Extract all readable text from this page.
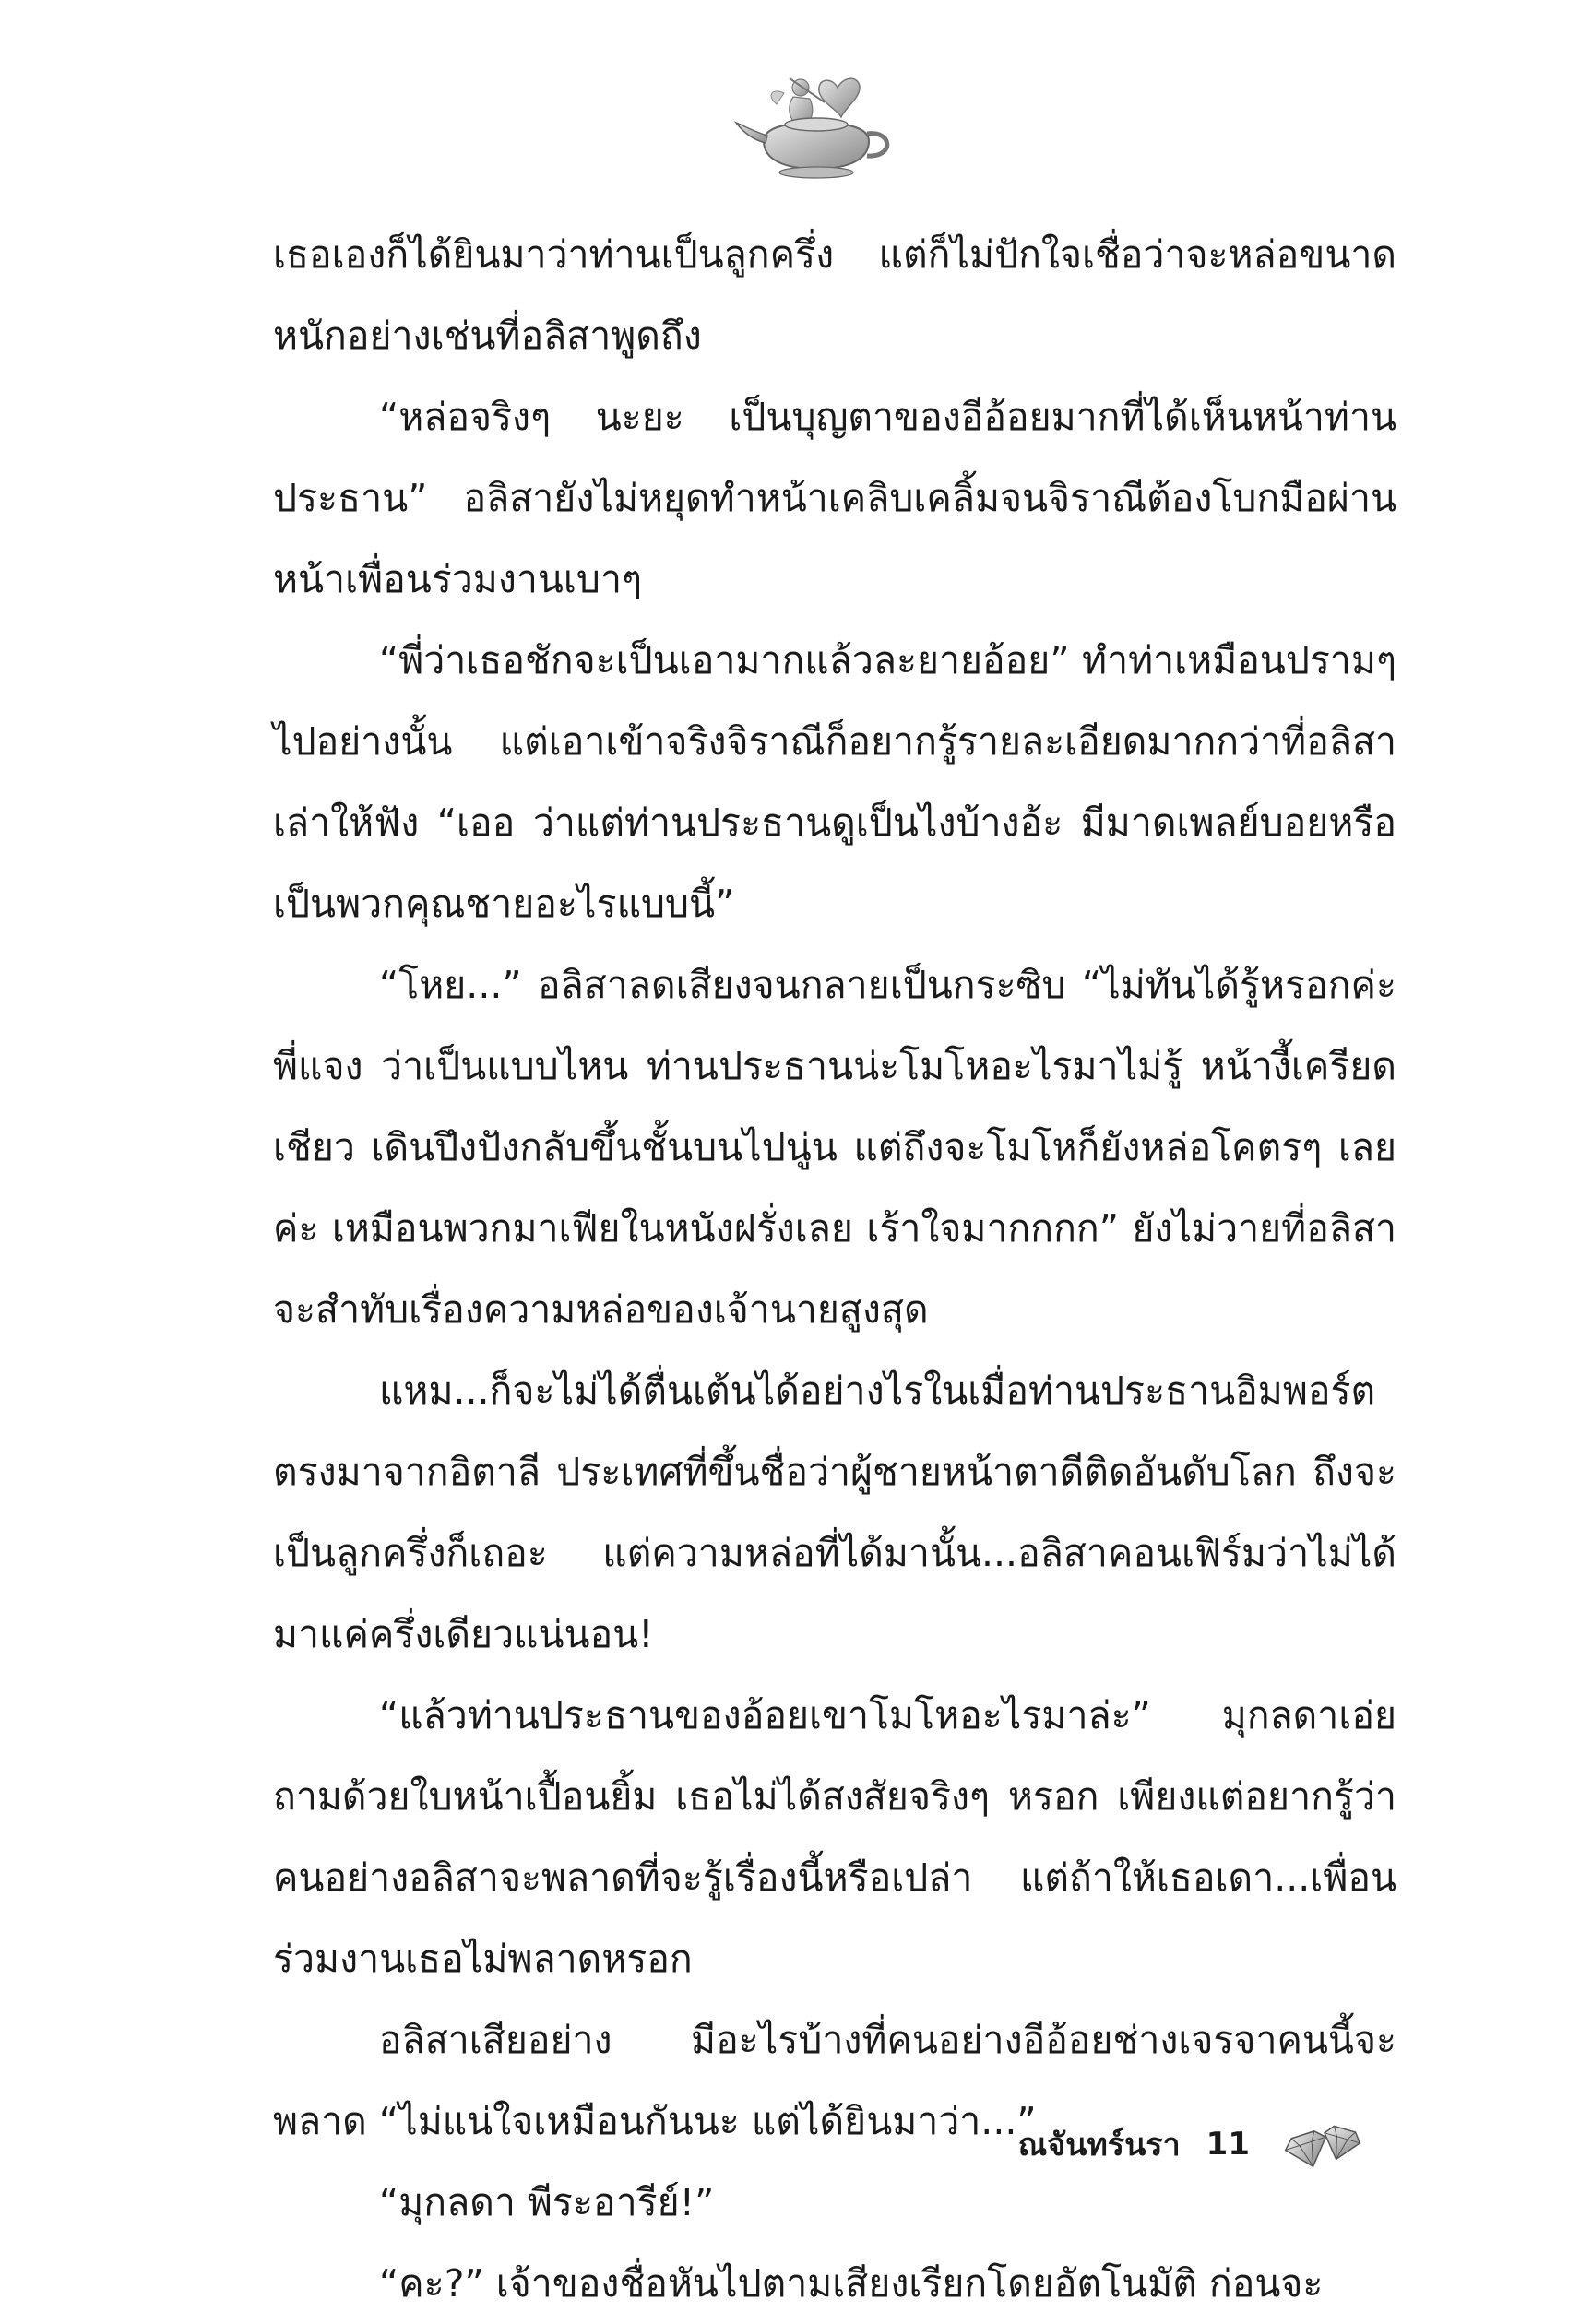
เธอเองก็ได้ยินมาว่าท่านเป็นลูกครึ่ง แต่ก็ไม่ปักใจเชื่อว่าจะหล่อขนาดหนักอย่างเช่นที่อลิสาพูดถึง

“หล่อจริงๆ นะยะ เป็นบุญตาของอีอ้อยมากที่ได้เห็นหน้าท่านประธาน” อลิสายังไม่หยุดทำหน้าเคลิบเคลิ้มจนจิราณีต้องโบกมือผ่านหน้าเพื่อนร่วมงานเบาๆ

“พี่ว่าเธอชักจะเป็นเอามากแล้วละยายอ้อย” ทำท่าเหมือนปรามๆ ไปอย่างนั้น แต่เอาเข้าจริงจิราณีก็อยากรู้รายละเอียดมากกว่าที่อลิสาเล่าให้ฟัง “เออ ว่าแต่ท่านประธานดูเป็นไงบ้างอ้ะ มีมาดเพลย์บอยหรือเป็นพวกคุณชายอะไรแบบนี้”

“โหย...” อลิสาลดเสียงจนกลายเป็นกระซิบ “ไม่ทันได้รู้หรอกค่ะพี่แจง ว่าเป็นแบบไหน ท่านประธานน่ะโมโหอะไรมาไม่รู้ หน้างี้เครียดเชียว เดินปึงปังกลับขึ้นชั้นบนไปนู่น แต่ถึงจะโมโหก็ยังหล่อโคตรๆ เลยค่ะ เหมือนพวกมาเฟียในหนังฝรั่งเลย เร้าใจมากกกก” ยังไม่วายที่อลิสาจะสำทับเรื่องความหล่อของเจ้านายสูงสุด

แหม...ก็จะไม่ได้ตื่นเต้นได้อย่างไรในเมื่อท่านประธานอิมพอร์ตตรงมาจากอิตาลี ประเทศที่ขึ้นชื่อว่าผู้ชายหน้าตาดีติดอันดับโลก ถึงจะเป็นลูกครึ่งก็เถอะ แต่ความหล่อที่ได้มานั้น...อลิสาคอนเฟิร์มว่าไม่ได้มาแค่ครึ่งเดียวแน่นอน!

“แล้วท่านประธานของอ้อยเขาโมโหอะไรมาล่ะ” มุกลดาเอ่ยถามด้วยใบหน้าเปื้อนยิ้ม เธอไม่ได้สงสัยจริงๆ หรอก เพียงแต่อยากรู้ว่าคนอย่างอลิสาจะพลาดที่จะรู้เรื่องนี้หรือเปล่า แต่ถ้าให้เธอเดา...เพื่อนร่วมงานเธอไม่พลาดหรอก

อลิสาเสียอย่าง มีอะไรบ้างที่คนอย่างอีอ้อยช่างเจรจาคนนี้จะพลาด “ไม่แน่ใจเหมือนกันนะ แต่ได้ยินมาว่า...”

“มุกลดา พีระอารีย์!”

“คะ?” เจ้าของชื่อหันไปตามเสียงเรียกโดยอัตโนมัติ ก่อนจะ

ณจันทร์นรา 11
